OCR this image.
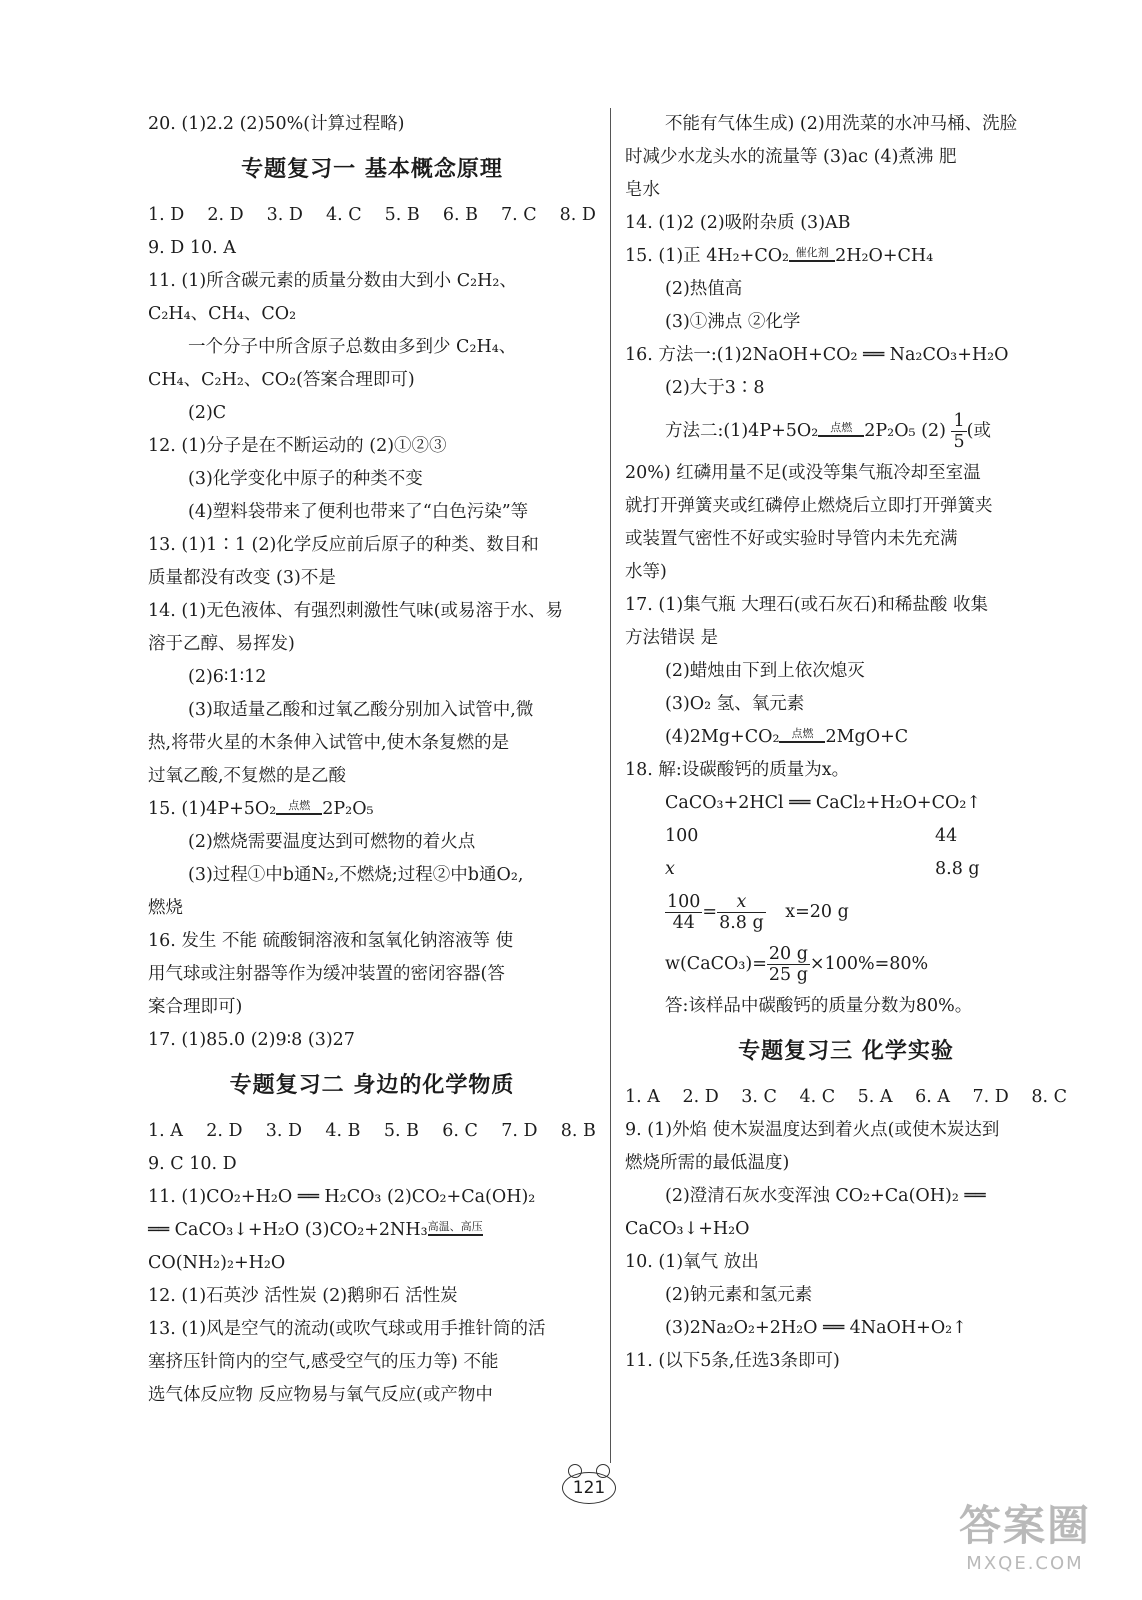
20. (1)2.2 (2)50%(计算过程略)
专题复习一 基本概念原理
1. D 2. D 3. D 4. C 5. B 6. B 7. C 8. D
9. D 10. A
11. (1)所含碳元素的质量分数由大到小 C₂H₂、
C₂H₄、CH₄、CO₂
一个分子中所含原子总数由多到少 C₂H₄、
CH₄、C₂H₂、CO₂(答案合理即可)
(2)C
12. (1)分子是在不断运动的 (2)①②③
(3)化学变化中原子的种类不变
(4)塑料袋带来了便利也带来了“白色污染”等
13. (1)1∶1 (2)化学反应前后原子的种类、数目和
质量都没有改变 (3)不是
14. (1)无色液体、有强烈刺激性气味(或易溶于水、易
溶于乙醇、易挥发)
(2)6∶1∶12
(3)取适量乙酸和过氧乙酸分别加入试管中,微
热,将带火星的木条伸入试管中,使木条复燃的是
过氧乙酸,不复燃的是乙酸
15. (1)4P+5O₂	点燃 2P₂O₅
(2)燃烧需要温度达到可燃物的着火点
(3)过程①中b通N₂,不燃烧;过程②中b通O₂,
燃烧
16. 发生 不能 硫酸铜溶液和氢氧化钠溶液等 使
用气球或注射器等作为缓冲装置的密闭容器(答
案合理即可)
17. (1)85.0 (2)9∶8 (3)27
专题复习二 身边的化学物质
1. A 2. D 3. D 4. B 5. B 6. C 7. D 8. B
9. C 10. D
11. (1)CO₂+H₂O ══ H₂CO₃ (2)CO₂+Ca(OH)₂
══ CaCO₃↓+H₂O (3)CO₂+2NH₃ 高温、高压
CO(NH₂)₂+H₂O
12. (1)石英沙 活性炭 (2)鹅卵石 活性炭
13. (1)风是空气的流动(或吹气球或用手推针筒的活
塞挤压针筒内的空气,感受空气的压力等) 不能
选气体反应物 反应物易与氧气反应(或产物中
不能有气体生成) (2)用洗菜的水冲马桶、洗脸
时减少水龙头水的流量等 (3)ac (4)煮沸 肥
皂水
14. (1)2 (2)吸附杂质 (3)AB
15. (1)正 4H₂+CO₂ 催化剂 2H₂O+CH₄
(2)热值高
(3)①沸点 ②化学
16. 方法一:(1)2NaOH+CO₂ ══ Na₂CO₃+H₂O
(2)大于3∶8
方法二:(1)4P+5O₂	点燃 2P₂O₅ $(2) \frac{1}{5}$ (或
20%) 红磷用量不足(或没等集气瓶冷却至室温
就打开弹簧夹或红磷停止燃烧后立即打开弹簧夹
或装置气密性不好或实验时导管内未先充满
水等)
17. (1)集气瓶 大理石(或石灰石)和稀盐酸 收集
方法错误 是
(2)蜡烛由下到上依次熄灭
(3)O₂ 氢、氧元素
(4)2Mg+CO₂	点燃 2MgO+C
18. 解:设碳酸钙的质量为x。
CaCO₃+2HCl ══ CaCl₂+H₂O+CO₂↑
100	44
x	8.8 g
$\frac{100}{44} = \frac{x}{8.8 g} x=20$ g
w(CaCO₃)= $\frac{20 g}{25 g} \times 100\%=80\%$
答:该样品中碳酸钙的质量分数为80%。
专题复习三 化学实验
1. A 2. D 3. C 4. C 5. A 6. A 7. D 8. C
9. (1)外焰 使木炭温度达到着火点(或使木炭达到
燃烧所需的最低温度)
(2)澄清石灰水变浑浊 CO₂+Ca(OH)₂ ══
CaCO₃↓+H₂O
10. (1)氧气 放出
(2)钠元素和氢元素
(3)2Na₂O₂+2H₂O ══ 4NaOH+O₂↑
11. (以下5条,任选3条即可)
121
答案圈
MXQE.COM
